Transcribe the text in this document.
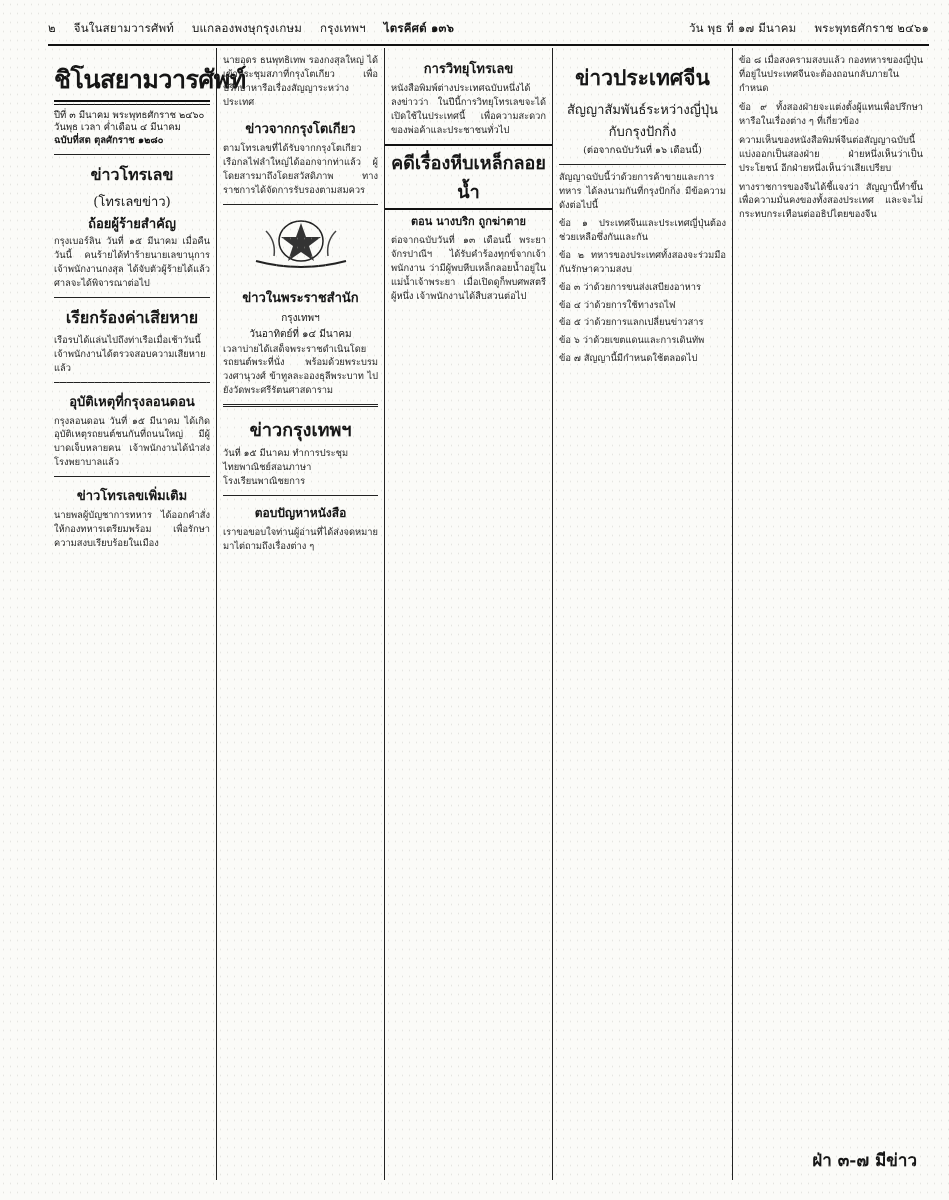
๒ จีนในสยามวารศัพท์ บแกลองพงษุกรุงเกษม กรุงเทพฯ ไตรคีศต์ ๑๓๖	วัน พุธ ที่ ๑๗ มีนาคม พระพุทธศักราช ๒๔๖๑
ชิโนสยามวารศัพท์
ปีที่ ๓ มีนาคม พระพุทธศักราช ๒๔๖๐
วันพุธ เวลา ค่ำเดือน ๔ มีนาคม
ฉบับที่สต ตุลศักราช ๑๒๘๐
ข่าวโทรเลข
(โทรเลขข่าว)
ถ้อยผู้ร้ายสำคัญ
กรุงเบอร์ลิน วันที่ ๑๕ มีนาคม เมื่อคืนวันนี้ คนร้ายได้ทำร้ายนายเลขานุการ เจ้าพนักงานกงสุล ได้จับตัวผู้ร้ายได้แล้ว ศาลจะได้พิจารณาต่อไป
เรียกร้องค่าเสียหาย
เรือรบได้แล่นไปถึงท่าเรือเมื่อเช้าวันนี้ เจ้าพนักงานได้ตรวจสอบความเสียหายแล้ว
อุบัติเหตุที่กรุงลอนดอน
กรุงลอนดอน วันที่ ๑๕ มีนาคม ได้เกิดอุบัติเหตุรถยนต์ชนกันที่ถนนใหญ่ มีผู้บาดเจ็บหลายคน เจ้าพนักงานได้นำส่งโรงพยาบาลแล้ว
ข่าวโทรเลขเพิ่มเติม
นายพลผู้บัญชาการทหาร ได้ออกคำสั่งให้กองทหารเตรียมพร้อม เพื่อรักษาความสงบเรียบร้อยในเมือง
นายอุดร ธนพุทธิเทพ รองกงสุลใหญ่ ได้เข้าประชุมสภาที่กรุงโตเกียว เพื่อปรึกษาหารือเรื่องสัญญาระหว่างประเทศ
ข่าวจากกรุงโตเกียว
ตามโทรเลขที่ได้รับจากกรุงโตเกียว เรือกลไฟลำใหญ่ได้ออกจากท่าแล้ว ผู้โดยสารมาถึงโดยสวัสดิภาพ ทางราชการได้จัดการรับรองตามสมควร
ข่าวในพระราชสำนัก
กรุงเทพฯ
วันอาทิตย์ที่ ๑๔ มีนาคม
เวลาบ่ายได้เสด็จพระราชดำเนินโดยรถยนต์พระที่นั่ง พร้อมด้วยพระบรมวงศานุวงศ์ ข้าทูลละอองธุลีพระบาท ไปยังวัดพระศรีรัตนศาสดาราม
ข่าวกรุงเทพฯ
วันที่ ๑๕ มีนาคม ทำการประชุม
ไทยพาณิชย์สอนภาษา
โรงเรียนพาณิชยการ
ตอบปัญหาหนังสือ
เราขอขอบใจท่านผู้อ่านที่ได้ส่งจดหมายมาไต่ถามถึงเรื่องต่าง ๆ
การวิทยุโทรเลข
หนังสือพิมพ์ต่างประเทศฉบับหนึ่งได้ลงข่าวว่า ในปีนี้การวิทยุโทรเลขจะได้เปิดใช้ในประเทศนี้ เพื่อความสะดวกของพ่อค้าและประชาชนทั่วไป
คดีเรื่องหีบเหล็กลอยน้ำ
ตอน นางบริก ถูกฆ่าตาย
ต่อจากฉบับวันที่ ๑๓ เดือนนี้ พระยาจักรปาณีฯ ได้รับคำร้องทุกข์จากเจ้าพนักงาน ว่ามีผู้พบหีบเหล็กลอยน้ำอยู่ในแม่น้ำเจ้าพระยา เมื่อเปิดดูก็พบศพสตรีผู้หนึ่ง เจ้าพนักงานได้สืบสวนต่อไป
ข่าวประเทศจีน
สัญญาสัมพันธ์ระหว่างญี่ปุ่น
กับกรุงปักกิ่ง
(ต่อจากฉบับวันที่ ๑๖ เดือนนี้)
สัญญาฉบับนี้ว่าด้วยการค้าขายและการทหาร ได้ลงนามกันที่กรุงปักกิ่ง มีข้อความดังต่อไปนี้
ข้อ ๑ ประเทศจีนและประเทศญี่ปุ่นต้องช่วยเหลือซึ่งกันและกัน
ข้อ ๒ ทหารของประเทศทั้งสองจะร่วมมือกันรักษาความสงบ
ข้อ ๓ ว่าด้วยการขนส่งเสบียงอาหาร
ข้อ ๔ ว่าด้วยการใช้ทางรถไฟ
ข้อ ๕ ว่าด้วยการแลกเปลี่ยนข่าวสาร
ข้อ ๖ ว่าด้วยเขตแดนและการเดินทัพ
ข้อ ๗ สัญญานี้มีกำหนดใช้ตลอดไป
ข้อ ๘ เมื่อสงครามสงบแล้ว กองทหารของญี่ปุ่นที่อยู่ในประเทศจีนจะต้องถอนกลับภายในกำหนด
ข้อ ๙ ทั้งสองฝ่ายจะแต่งตั้งผู้แทนเพื่อปรึกษาหารือในเรื่องต่าง ๆ ที่เกี่ยวข้อง
ความเห็นของหนังสือพิมพ์จีนต่อสัญญาฉบับนี้ แบ่งออกเป็นสองฝ่าย ฝ่ายหนึ่งเห็นว่าเป็นประโยชน์ อีกฝ่ายหนึ่งเห็นว่าเสียเปรียบ
ทางราชการของจีนได้ชี้แจงว่า สัญญานี้ทำขึ้นเพื่อความมั่นคงของทั้งสองประเทศ และจะไม่กระทบกระเทือนต่ออธิปไตยของจีน
ฝ่า ๓-๗ มีข่าว
